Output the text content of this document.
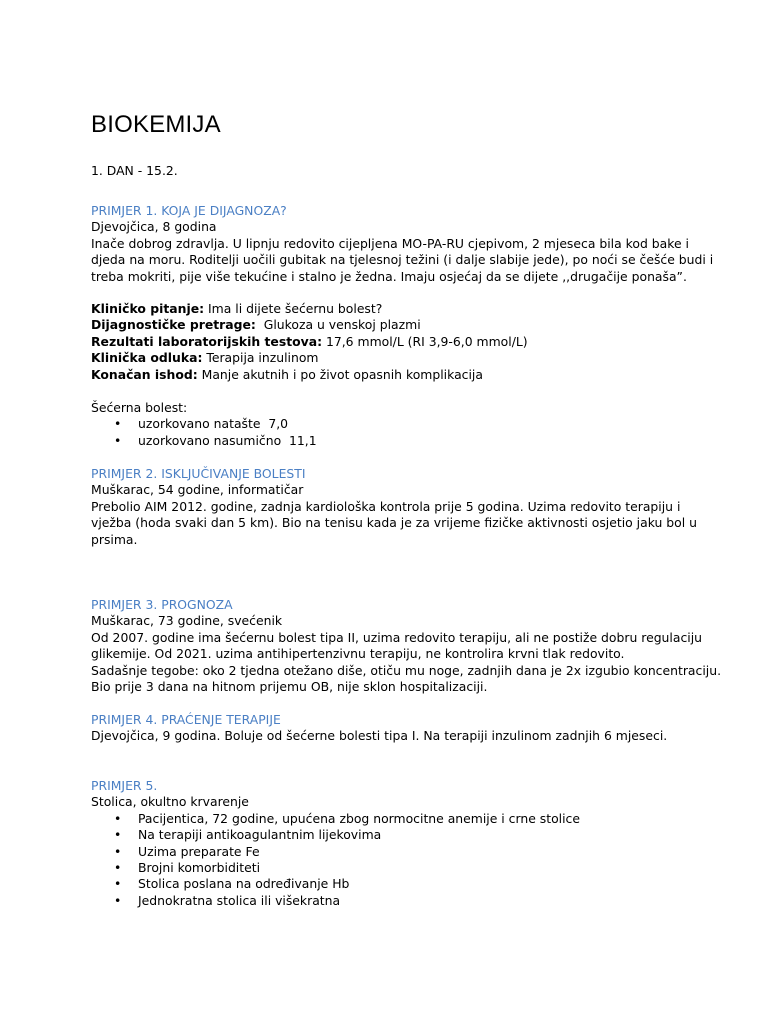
BIOKEMIJA
1. DAN - 15.2.
PRIMJER 1. KOJA JE DIJAGNOZA?
Djevojčica, 8 godina
Inače dobrog zdravlja. U lipnju redovito cijepljena MO-PA-RU cjepivom, 2 mjeseca bila kod bake i
djeda na moru. Roditelji uočili gubitak na tjelesnoj težini (i dalje slabije jede), po noći se češće budi i
treba mokriti, pije više tekućine i stalno je žedna. Imaju osjećaj da se dijete ,,drugačije ponaša”.
Kliničko pitanje: Ima li dijete šećernu bolest?
Dijagnostičke pretrage:  Glukoza u venskoj plazmi
Rezultati laboratorijskih testova: 17,6 mmol/L (RI 3,9-6,0 mmol/L)
Klinička odluka: Terapija inzulinom
Konačan ishod: Manje akutnih i po život opasnih komplikacija
Šećerna bolest:
• uzorkovano natašte  7,0
• uzorkovano nasumično  11,1
PRIMJER 2. ISKLJUČIVANJE BOLESTI
Muškarac, 54 godine, informatičar
Prebolio AIM 2012. godine, zadnja kardiološka kontrola prije 5 godina. Uzima redovito terapiju i
vježba (hoda svaki dan 5 km). Bio na tenisu kada je za vrijeme fizičke aktivnosti osjetio jaku bol u
prsima.
PRIMJER 3. PROGNOZA
Muškarac, 73 godine, svećenik
Od 2007. godine ima šećernu bolest tipa II, uzima redovito terapiju, ali ne postiže dobru regulaciju
glikemije. Od 2021. uzima antihipertenzivnu terapiju, ne kontrolira krvni tlak redovito.
Sadašnje tegobe: oko 2 tjedna otežano diše, otiču mu noge, zadnjih dana je 2x izgubio koncentraciju.
Bio prije 3 dana na hitnom prijemu OB, nije sklon hospitalizaciji.
PRIMJER 4. PRAĆENJE TERAPIJE
Djevojčica, 9 godina. Boluje od šećerne bolesti tipa I. Na terapiji inzulinom zadnjih 6 mjeseci.
PRIMJER 5.
Stolica, okultno krvarenje
• Pacijentica, 72 godine, upućena zbog normocitne anemije i crne stolice
• Na terapiji antikoagulantnim lijekovima
• Uzima preparate Fe
• Brojni komorbiditeti
• Stolica poslana na određivanje Hb
• Jednokratna stolica ili višekratna
